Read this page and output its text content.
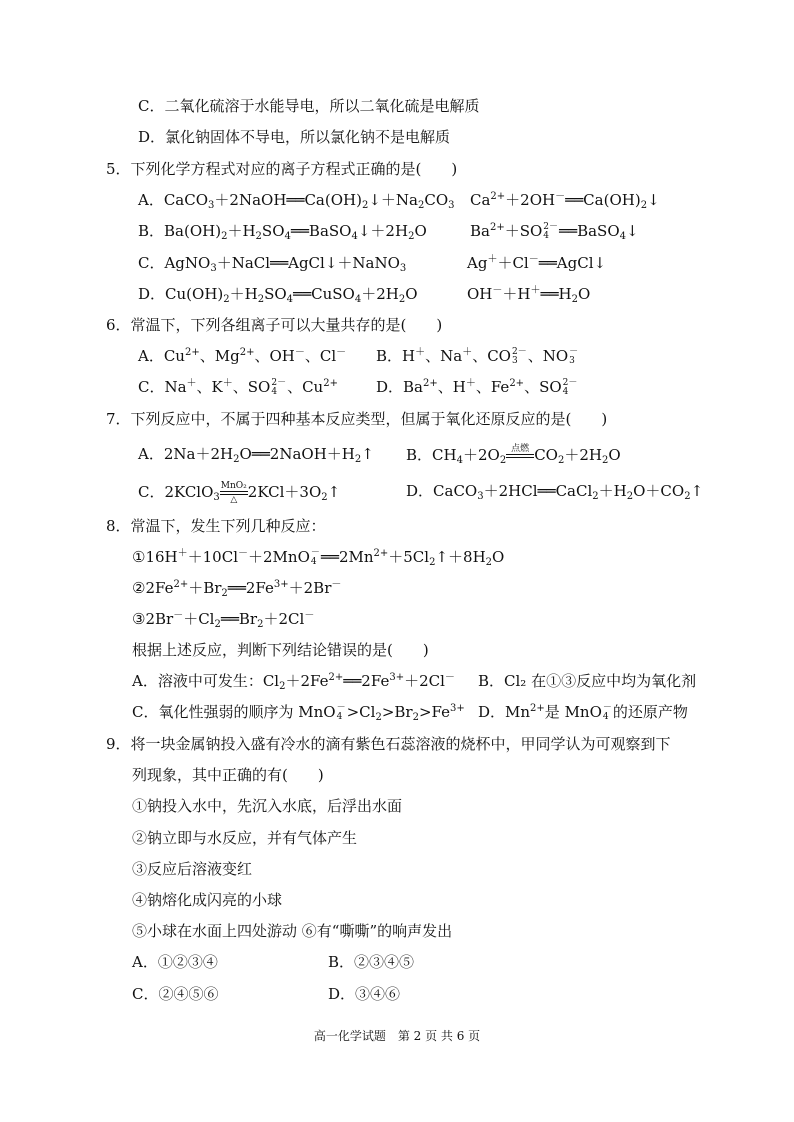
C．二氧化硫溶于水能导电，所以二氧化硫是电解质
D．氯化钠固体不导电，所以氯化钠不是电解质
5．下列化学方程式对应的离子方程式正确的是(　　)
A．$CaCO_3+2NaOH══Ca(OH)_2↓+Na_2CO_3$ $Ca^{2+}+2OH^-══Ca(OH)_2↓$
B．$Ba(OH)_2+H_2SO_4══BaSO_4↓+2H_2O$	$Ba^{2+}+SO$ 2－
4 ══BaSO$_4$↓
C．AgNO$_3$＋NaCl══AgCl↓＋NaNO$_3$	Ag＋＋Cl－══AgCl↓
D．$Cu(OH)_2+H_2SO_4══CuSO_4+2H_2O$	$OH^-+H^+══H_2O$
6．常温下，下列各组离子可以大量共存的是(　　)
A．$Cu^{2+}$、$Mg^{2+}$、OH－、Cl－ B．H＋、Na＋、CO 2－
3 、NO －
3
C．Na＋、K＋、SO 2－
4 、$Cu^{2+}$	D．$Ba^{2+}$、H＋、$Fe^{2+}$、SO 2－
4
7．下列反应中，不属于四种基本反应类型，但属于氧化还原反应的是(　　)
A．$2Na+2H_2O══2NaOH+H_2↑$ B．$CH_4+2O_2$
点燃
$CO_2+2H_2O$
C．2KClO$_3$
MnO₂
△ $2KCl+3O_2↑$	D．$CaCO_3+2HCl══CaCl_2+H_2O+CO_2↑$
8．常温下，发生下列几种反应：
①16H＋＋10Cl－＋2MnO －
4 $══2Mn^{2+}+5Cl_2↑+8H_2O$
$②2Fe^{2+}+Br_2══2Fe^{3+}+2Br^-$
$③2Br^-+Cl_2══Br_2+2Cl^-$
根据上述反应，判断下列结论错误的是(　　)
A．溶液中可发生：$Cl_2+2Fe^{2+}══2Fe^{3+}+2Cl^-$ B．Cl₂ 在①③反应中均为氧化剂
C．氧化性强弱的顺序为 MnO －
$4 >Cl_2>Br_2>Fe^{3+}$ D．$Mn^{2+}$是 MnO －
4 的还原产物
9．将一块金属钠投入盛有冷水的滴有紫色石蕊溶液的烧杯中，甲同学认为可观察到下
列现象，其中正确的有(　　)
①钠投入水中，先沉入水底，后浮出水面
②钠立即与水反应，并有气体产生
③反应后溶液变红
④钠熔化成闪亮的小球
⑤小球在水面上四处游动 ⑥有“嘶嘶”的响声发出
A．①②③④	B．②③④⑤
C．②④⑤⑥	D．③④⑥
高一化学试题　第 2 页 共 6 页
